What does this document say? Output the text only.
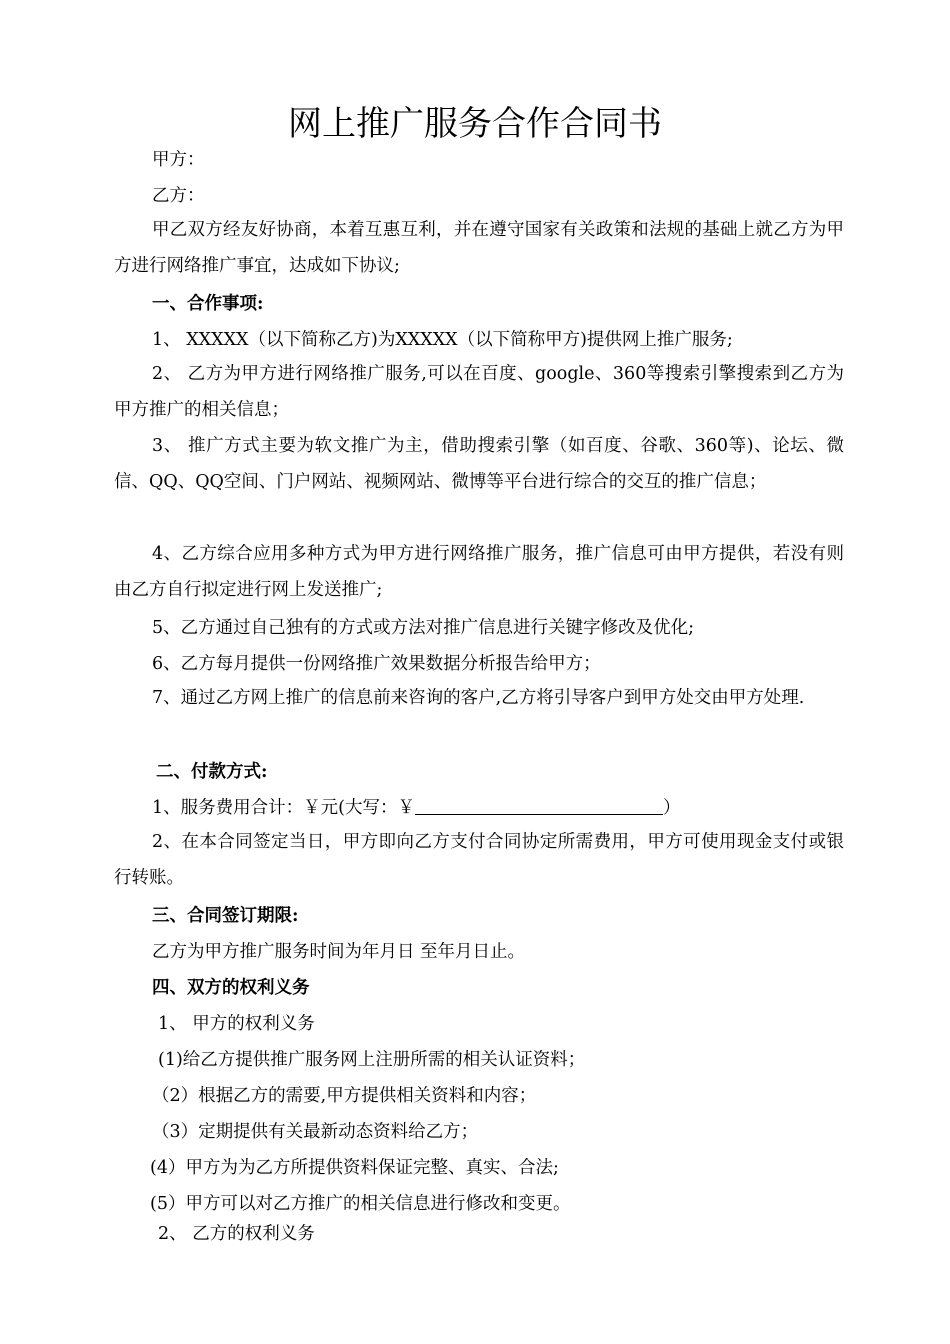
网上推广服务合作合同书
甲方：
乙方：
甲乙双方经友好协商，本着互惠互利，并在遵守国家有关政策和法规的基础上就乙方为甲方进行网络推广事宜，达成如下协议;
一、合作事项:
1、 XXXXX（以下简称乙方)为XXXXX（以下简称甲方)提供网上推广服务;
2、 乙方为甲方进行网络推广服务,可以在百度、google、360等搜索引擎搜索到乙方为甲方推广的相关信息；
3、 推广方式主要为软文推广为主，借助搜索引擎（如百度、谷歌、360等)、论坛、微信、QQ、QQ空间、门户网站、视频网站、微博等平台进行综合的交互的推广信息；
4、乙方综合应用多种方式为甲方进行网络推广服务，推广信息可由甲方提供，若没有则由乙方自行拟定进行网上发送推广;
5、乙方通过自己独有的方式或方法对推广信息进行关键字修改及优化;
6、乙方每月提供一份网络推广效果数据分析报告给甲方；
7、通过乙方网上推广的信息前来咨询的客户,乙方将引导客户到甲方处交由甲方处理.
二、付款方式:
1、服务费用合计：￥元(大写：￥	）
2、在本合同签定当日，甲方即向乙方支付合同协定所需费用，甲方可使用现金支付或银行转账。
三、合同签订期限:
乙方为甲方推广服务时间为年月日 至年月日止。
四、双方的权利义务
1、 甲方的权利义务
(1)给乙方提供推广服务网上注册所需的相关认证资料；
（2）根据乙方的需要,甲方提供相关资料和内容；
（3）定期提供有关最新动态资料给乙方；
(4）甲方为为乙方所提供资料保证完整、真实、合法;
(5）甲方可以对乙方推广的相关信息进行修改和变更。
2、 乙方的权利义务
